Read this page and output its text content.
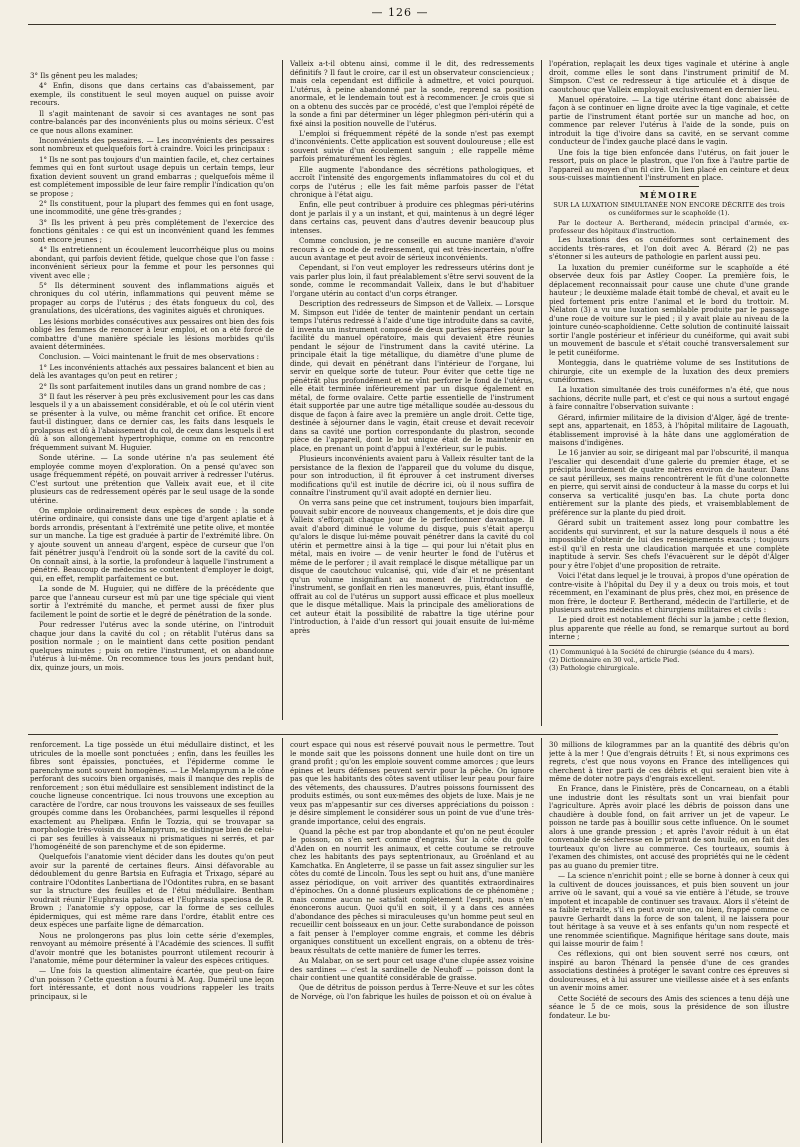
— 126 —

3° Ils gênent peu les malades;

4° Enfin, disons que dans certains cas d'abaissement, par exemple, ils constituent le seul moyen auquel on puisse avoir recours.

Il s'agit maintenant de savoir si ces avantages ne sont pas contre-balancés par des inconvénients plus ou moins sérieux. C'est ce que nous allons examiner.

Inconvénients des pessaires. — Les inconvénients des pessaires sont nombreux et quelquefois fort à craindre. Voici les principaux :

1° Ils ne sont pas toujours d'un maintien facile, et, chez certaines femmes qui en font surtout usage depuis un certain temps, leur fixation devient souvent un grand embarras ; quelquefois même il est complétement impossible de leur faire remplir l'indication qu'on se propose ;

2° Ils constituent, pour la plupart des femmes qui en font usage, une incommodité, une gêne très-grandes ;

3° Ils les privent à peu près complétement de l'exercice des fonctions génitales : ce qui est un inconvénient quand les femmes sont encore jeunes ;

4° Ils entretiennent un écoulement leucorrhéique plus ou moins abondant, qui parfois devient fétide, quelque chose que l'on fasse : inconvénient sérieux pour la femme et pour les personnes qui vivent avec elle ;

5° Ils déterminent souvent des inflammations aiguës et chroniques du col utérin, inflammations qui peuvent même se propager au corps de l'utérus ; des états fongueux du col, des granulations, des ulcérations, des vaginites aiguës et chroniques.

Les lésions morbides consécutives aux pessaires ont bien des fois obligé les femmes de renoncer à leur emploi, et on a été forcé de combattre d'une manière spéciale les lésions morbides qu'ils avaient déterminées.

Conclusion. — Voici maintenant le fruit de mes observations :

1° Les inconvénients attachés aux pessaires balancent et bien au delà les avantages qu'on peut en retirer ;

2° Ils sont parfaitement inutiles dans un grand nombre de cas ;

3° Il faut les réserver à peu près exclusivement pour les cas dans lesquels il y a un abaissement considérable, et où le col utérin vient se présenter à la vulve, ou même franchit cet orifice. Et encore faut-il distinguer, dans ce dernier cas, les faits dans lesquels le prolapsus est dû à l'abaissement du col, de ceux dans lesquels il est dû à son allongement hypertrophique, comme on en rencontre fréquemment suivant M. Huguier.

Sonde utérine. — La sonde utérine n'a pas seulement été employée comme moyen d'exploration. On a pensé qu'avec son usage fréquemment répété, on pouvait arriver à redresser l'utérus. C'est surtout une prétention que Valleix avait eue, et il cite plusieurs cas de redressement opérés par le seul usage de la sonde utérine.

On emploie ordinairement deux espèces de sonde : la sonde utérine ordinaire, qui consiste dans une tige d'argent aplatie et à bords arrondis, présentant à l'extrémité une petite olive, et montée sur un manche. La tige est graduée à partir de l'extrémité libre. On y ajoute souvent un anneau d'argent, espèce de curseur que l'on fait pénétrer jusqu'à l'endroit où la sonde sort de la cavité du col. On connaît ainsi, à la sortie, la profondeur à laquelle l'instrument a pénétré. Beaucoup de médecins se contentent d'employer le doigt, qui, en effet, remplit parfaitement ce but.

La sonde de M. Huguier, qui ne diffère de la précédente que parce que l'anneau curseur est mû par une tige spéciale qui vient sortir à l'extrémité du manche, et permet aussi de fixer plus facilement le point de sortie et le degré de pénétration de la sonde.

Pour redresser l'utérus avec la sonde utérine, on l'introduit chaque jour dans la cavité du col ; on rétablit l'utérus dans sa position normale ; on le maintient dans cette position pendant quelques minutes ; puis on retire l'instrument, et on abandonne l'utérus à lui-même. On recommence tous les jours pendant huit, dix, quinze jours, un mois.

Valleix a-t-il obtenu ainsi, comme il le dit, des redressements définitifs ? Il faut le croire, car il est un observateur consciencieux ; mais cela cependant est difficile à admettre, et voici pourquoi. L'utérus, à peine abandonné par la sonde, reprend sa position anormale, et le lendemain tout est à recommencer. Je crois que si on a obtenu des succès par ce procédé, c'est que l'emploi répété de la sonde a fini par déterminer un léger phlegmon péri-utérin qui a fixé ainsi la position nouvelle de l'utérus.

L'emploi si fréquemment répété de la sonde n'est pas exempt d'inconvénients. Cette application est souvent douloureuse ; elle est souvent suivie d'un écoulement sanguin ; elle rappelle même parfois prématurément les règles.

Elle augmente l'abondance des sécrétions pathologiques, et accroît l'intensité des engorgements inflammatoires du col et du corps de l'utérus ; elle les fait même parfois passer de l'état chronique à l'état aigu.

Enfin, elle peut contribuer à produire ces phlegmas péri-utérins dont je parlais il y a un instant, et qui, maintenus à un degré léger dans certains cas, peuvent dans d'autres devenir beaucoup plus intenses.

Comme conclusion, je ne conseille en aucune manière d'avoir recours à ce mode de redressement, qui est très-incertain, n'offre aucun avantage et peut avoir de sérieux inconvénients.

Cependant, si l'on veut employer les redresseurs utérins dont je vais parler plus loin, il faut préalablement s'être servi souvent de la sonde, comme le recommandait Valleix, dans le but d'habituer l'organe utérin au contact d'un corps étranger.

Description des redresseurs de Simpson et de Valleix. — Lorsque M. Simpson eut l'idée de tenter de maintenir pendant un certain temps l'utérus redressé à l'aide d'une tige introduite dans sa cavité, il inventa un instrument composé de deux parties séparées pour la facilité du manuel opératoire, mais qui devaient être réunies pendant le séjour de l'instrument dans la cavité utérine. La principale était la tige métallique, du diamètre d'une plume de dinde, qui devait en pénétrant dans l'intérieur de l'organe, lui servir en quelque sorte de tuteur. Pour éviter que cette tige ne pénétrât plus profondément et ne vînt perforer le fond de l'utérus, elle était terminée inférieurement par un disque également en métal, de forme ovalaire. Cette partie essentielle de l'instrument était supportée par une autre tige métallique soudée au-dessous du disque de façon à faire avec la première un angle droit. Cette tige, destinée à séjourner dans le vagin, était creuse et devait recevoir dans sa cavité une portion correspondante du plastron, seconde pièce de l'appareil, dont le but unique était de le maintenir en place, en prenant un point d'appui à l'extérieur, sur le pubis.

Plusieurs inconvénients avaient paru à Valleix résulter tant de la persistance de la flexion de l'appareil que du volume du disque, pour son introduction, il fit éprouver à cet instrument diverses modifications qu'il est inutile de décrire ici, où il nous suffira de connaître l'instrument qu'il avait adopté en dernier lieu.

On verra sans peine que cet instrument, toujours bien imparfait, pouvait subir encore de nouveaux changements, et je dois dire que Valleix s'efforçait chaque jour de le perfectionner davantage. Il avait d'abord diminué le volume du disque, puis s'était aperçu qu'alors le disque lui-même pouvait pénétrer dans la cavité du col utérin et permettre ainsi à la tige — qui pour lui n'était plus en métal, mais en ivoire — de venir heurter le fond de l'utérus et même de le perforer ; il avait remplacé le disque métallique par un disque de caoutchouc vulcanisé, qui, vide d'air et ne présentant qu'un volume insignifiant au moment de l'introduction de l'instrument, se gonflait en rien les manœuvres, puis, étant insufflé, offrait au col de l'utérus un support aussi efficace et plus moelleux que le disque métallique. Mais la principale des améliorations de cet auteur était la possibilité de rabattre la tige utérine pour l'introduction, à l'aide d'un ressort qui jouait ensuite de lui-même après

l'opération, replaçait les deux tiges vaginale et utérine à angle droit, comme elles le sont dans l'instrument primitif de M. Simpson. C'est ce redresseur à tige articulée et à disque de caoutchouc que Valleix employait exclusivement en dernier lieu.

Manuel opératoire. — La tige utérine étant donc abaissée de façon à se continuer en ligne droite avec la tige vaginale, et cette partie de l'instrument étant portée sur un manche ad hoc, on commence par relever l'utérus à l'aide de la sonde, puis on introduit la tige d'ivoire dans sa cavité, en se servant comme conducteur de l'index gauche placé dans le vagin.

Une fois la tige bien enfoncée dans l'utérus, on fait jouer le ressort, puis on place le plastron, que l'on fixe à l'autre partie de l'appareil au moyen d'un fil ciré. Un lien placé en ceinture et deux sous-cuisses maintiennent l'instrument en place.

MÉMOIRE

SUR LA LUXATION SIMULTANÉE NON ENCORE DÉCRITE des trois os cunéiformes sur le scaphoïde (1).

Par le docteur A. Bertherand, médecin principal d'armée, ex-professeur des hôpitaux d'instruction.

Les luxations des os cunéiformes sont certainement des accidents très-rares, et l'on doit avec A. Bérard (2) ne pas s'étonner si les auteurs de pathologie en parlent aussi peu.

La luxation du premier cunéiforme sur le scaphoïde a été observée deux fois par Astley Cooper. La première fois, le déplacement reconnaissait pour cause une chute d'une grande hauteur ; le deuxième malade était tombé de cheval, et avait eu le pied fortement pris entre l'animal et le bord du trottoir. M. Nélaton (3) a vu une luxation semblable produite par le passage d'une roue de voiture sur le pied ; il y avait plaie au niveau de la jointure cunéo-scaphoïdienne. Cette solution de continuité laissait sortir l'angle postérieur et inférieur du cunéiforme, qui avait subi un mouvement de bascule et s'était couché transversalement sur le petit cunéiforme.

Monteggia, dans le quatrième volume de ses Institutions de chirurgie, cite un exemple de la luxation des deux premiers cunéiformes.

La luxation simultanée des trois cunéiformes n'a été, que nous sachions, décrite nulle part, et c'est ce qui nous a surtout engagé à faire connaître l'observation suivante :

Gérard, infirmier militaire de la division d'Alger, âgé de trente-sept ans, appartenait, en 1853, à l'hôpital militaire de Lagouath, établissement improvisé à la hâte dans une agglomération de maisons d'indigènes.

Le 16 janvier au soir, se dirigeant mal par l'obscurité, il manqua l'escalier qui descendait d'une galerie du premier étage, et se précipita lourdement de quatre mètres environ de hauteur. Dans ce saut périlleux, ses mains rencontrèrent le fût d'une colonnette en pierre, qui servit ainsi de conducteur à la masse du corps et lui conserva sa verticalité jusqu'en bas. La chute porta donc entièrement sur la plante des pieds, et vraisemblablement de préférence sur la plante du pied droit.

Gérard subit un traitement assez long pour combattre les accidents qui survinrent, et sur la nature desquels il nous a été impossible d'obtenir de lui des renseignements exacts ; toujours est-il qu'il en resta une claudication marquée et une complète inaptitude à servir. Ses chefs l'évacuèrent sur le dépôt d'Alger pour y être l'objet d'une proposition de retraite.

Voici l'état dans lequel je le trouvai, à propos d'une opération de contre-visite à l'hôpital du Dey il y a deux ou trois mois, et tout récemment, en l'examinant de plus près, chez moi, en présence de mon frère, le docteur F. Bertherand, médecin de l'artillerie, et de plusieurs autres médecins et chirurgiens militaires et civils :

Le pied droit est notablement fléchi sur la jambe ; cette flexion, plus apparente que réelle au fond, se remarque surtout au bord interne ;

(1) Communiqué à la Société de chirurgie (séance du 4 mars).
(2) Dictionnaire en 30 vol., article Pied.
(3) Pathologie chirurgicale.

renforcement. La tige possède un étui médullaire distinct, et les utricules de la moelle sont ponctuées ; enfin, dans les feuilles les fibres sont épaissies, ponctuées, et l'épiderme comme le parenchyme sont souvent homogènes. — Le Melampyrum a le cône perforant des sucoirs bien organisés, mais il manque des replis de renforcement ; son étui médullaire est sensiblement indistinct de la couche ligneuse concentrique. Ici nous trouvons une exception au caractère de l'ordre, car nous trouvons les vaisseaux de ses feuilles groupés comme dans les Orobanchées, parmi lesquelles il répond exactement au Phelipæa. Enfin le Tozzia, qui se trouvapar sa morphologie très-voisin du Melampyrum, se distingue bien de celui-ci par ses feuilles à vaisseaux ni prismatiques ni serrés, et par l'homogénéité de son parenchyme et de son épiderme.

Quelquefois l'anatomie vient décider dans les doutes qu'on peut avoir sur la parenté de certaines fleurs. Ainsi défavorable au dédoublement du genre Bartsia en Eufragia et Trixago, séparé au contraire l'Odontites Lanbertiana de l'Odontites rubra, en se basant sur la structure des feuilles et de l'étui médullaire. Bentham voudrait réunir l'Euphrasia paludosa et l'Euphrasia speciosa de R. Brown ; l'anatomie s'y oppose, car la forme de ses cellules épidermiques, qui est même rare dans l'ordre, établit entre ces deux espèces une parfaite ligne de démarcation.

Nous ne prolongerons pas plus loin cette série d'exemples, renvoyant au mémoire présenté à l'Académie des sciences. Il suffit d'avoir montré que les botanistes pourront utilement recourir à l'anatomie, même pour déterminer la valeur des espèces critiques.

— Une fois la question alimentaire écartée, que peut-on faire d'un poisson ? Cette question a fourni à M. Aug. Duméril une leçon fort intéressante, et dont nous voudrions rappeler les traits principaux, si le

court espace qui nous est réservé pouvait nous le permettre. Tout le monde sait que les poissons donnent une huile dont on tire un grand profit ; qu'on les emploie souvent comme amorces ; que leurs épines et leurs défenses peuvent servir pour la pêche. On ignore pas que les habitants des côtes savent utiliser leur peau pour faire des vêtements, des chaussures. D'autres poissons fournissent des produits estimés, ou sont eux-mêmes des objets de luxe. Mais je ne veux pas m'appesantir sur ces diverses appréciations du poisson : je désire simplement le considérer sous un point de vue d'une très-grande importance, celui des engrais.

Quand la pêche est par trop abondante et qu'on ne peut écouler le poisson, on s'en sert comme d'engrais. Sur la côte du golfe d'Aden on en nourrit les animaux, et cette coutume se retrouve chez les habitants des pays septentrionaux, au Groënland et au Kamchatka. En Angleterre, il se passe un fait assez singulier sur les côtes du comté de Lincoln. Tous les sept ou huit ans, d'une manière assez périodique, on voit arriver des quantités extraordinaires d'épinoches. On a donné plusieurs explications de ce phénomène ; mais comme aucun ne satisfait complètement l'esprit, nous n'en énoncerons aucun. Quoi qu'il en soit, il y a dans ces années d'abondance des pêches si miraculeuses qu'un homme peut seul en recueillir cent boisseaux en un jour. Cette surabondance de poisson a fait penser à l'employer comme engrais, et comme les débris organiques constituent un excellent engrais, on a obtenu de très-beaux résultats de cette manière de fumer les terres.

Au Malabar, on se sert pour cet usage d'une clupée assez voisine des sardines — c'est la sardinelle de Neuhoff — poisson dont la chair contient une quantité considérable de graisse.

Que de détritus de poisson perdus à Terre-Neuve et sur les côtes de Norvége, où l'on fabrique les huiles de poisson et où on évalue à

30 millions de kilogrammes par an la quantité des débris qu'on jette à la mer ! Que d'engrais détruits ! Et, si nous exprimons ces regrets, c'est que nous voyons en France des intelligences qui cherchent à tirer parti de ces débris et qui seraient bien vite à même de doter notre pays d'engrais excellent.

En France, dans le Finistère, près de Concarneau, on a établi une industrie dont les résultats sont un vrai bienfait pour l'agriculture. Après avoir placé les débris de poisson dans une chaudière à double fond, on fait arriver un jet de vapeur. Le poisson ne tarde pas à bouillir sous cette influence. On le soumet alors à une grande pression ; et après l'avoir réduit à un état convenable de sécheresse en le privant de son huile, on en fait des tourteaux qu'on livre au commerce. Ces tourteaux, soumis à l'examen des chimistes, ont accusé des propriétés qui ne le cèdent pas au guano du premier titre.

— La science n'enrichit point ; elle se borne à donner à ceux qui la cultivent de douces jouissances, et puis bien souvent un jour arrive où le savant, qui a voué sa vie entière à l'étude, se trouve impotent et incapable de continuer ses travaux. Alors il s'éteint de sa faible retraite, s'il en peut avoir une, ou bien, frappé comme ce pauvre Gerhardt dans la force de son talent, il ne laissera pour tout héritage à sa veuve et à ses enfants qu'un nom respecté et une renommée scientifique. Magnifique héritage sans doute, mais qui laisse mourir de faim !

Ces réflexions, qui ont bien souvent serré nos cœurs, ont inspiré au baron Thénard la pensée d'une de ces grandes associations destinées à protéger le savant contre ces épreuves si douloureuses, et à lui assurer une vieillesse aisée et à ses enfants un avenir moins amer.

Cette Société de secours des Amis des sciences a tenu déjà une séance le 5 de ce mois, sous la présidence de son illustre fondateur. Le bu-
